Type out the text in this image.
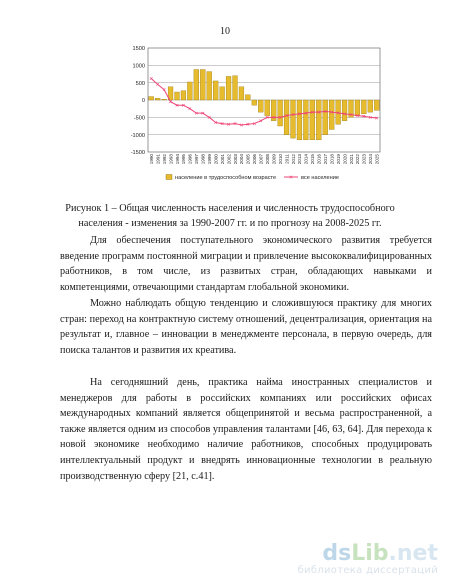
10
-1500
-1000
-500
0
500
1000
1500
1990 1991 1992 1993 1994 1995 1996 1997 1998 1999 2000 2001 2002 2003 2004 2005 2006 2007 2008 2009 2010 2011 2012 2013 2014 2015 2016 2017 2018 2019 2020 2021 2022 2023 2024 2025
население в трудоспособном возрасте	все население
Рисунок 1 – Общая численность населения и численность трудоспособного
населения - изменения за 1990-2007 гг. и по прогнозу на 2008-2025 гг.

Для обеспечения поступательного экономического развития требуется введение программ постоянной миграции и привлечение высококвалифицированных работников, в том числе, из развитых стран, обладающих навыками и компетенциями, отвечающими стандартам глобальной экономики.

Можно наблюдать общую тенденцию и сложившуюся практику для многих стран: переход на контрактную систему отношений, децентрализация, ориентация на результат и, главное – инновации в менеджменте персонала, в первую очередь, для поиска талантов и развития их креатива.

На сегодняшний день, практика найма иностранных специалистов и менеджеров для работы в российских компаниях или российских офисах международных компаний является общепринятой и весьма распространенной, а также является одним из способов управления талантами [46, 63, 64]. Для перехода к новой экономике необходимо наличие работников, способных продуцировать интеллектуальный продукт и внедрять инновационные технологии в реальную производственную сферу [21, с.41].

dsLib.net
библиотека диссертаций
